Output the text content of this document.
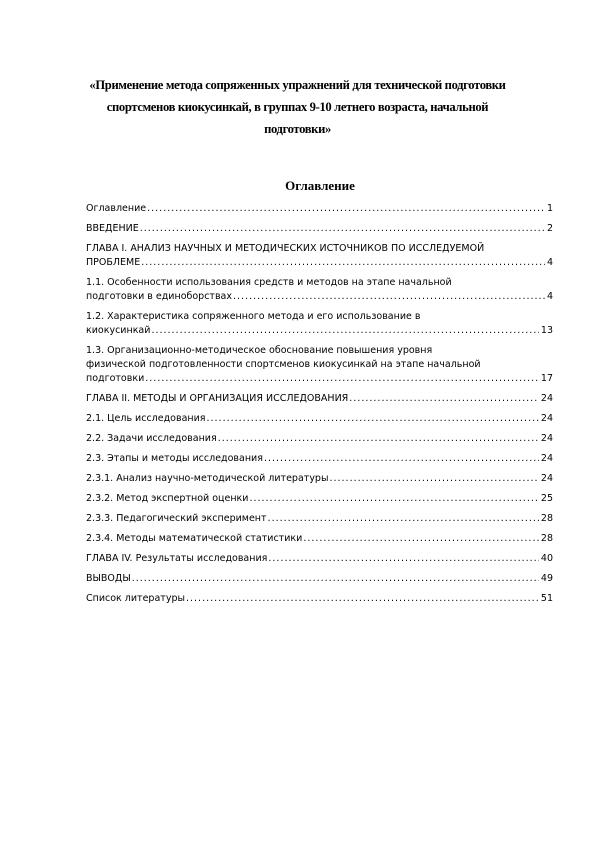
«Применение метода сопряженных упражнений для технической подготовки
спортсменов киокусинкай, в группах 9-10 летнего возраста, начальной
подготовки»
Оглавление
Оглавление .....	1
ВВЕДЕНИЕ .....	2
ГЛАВА I. АНАЛИЗ НАУЧНЫХ И МЕТОДИЧЕСКИХ ИСТОЧНИКОВ ПО ИССЛЕДУЕМОЙ
ПРОБЛЕМЕ .....	4
1.1. Особенности использования средств и методов на этапе начальной
подготовки в единоборствах .....	4
1.2. Характеристика сопряженного метода и его использование в
киокусинкай .....	13
1.3. Организационно-методическое обоснование повышения уровня
физической подготовленности спортсменов киокусинкай на этапе начальной
подготовки .....	17
ГЛАВА II. МЕТОДЫ И ОРГАНИЗАЦИЯ ИССЛЕДОВАНИЯ .....	24
2.1. Цель исследования .....	24
2.2. Задачи исследования .....	24
2.3. Этапы и методы исследования .....	24
2.3.1. Анализ научно-методической литературы .....	24
2.3.2. Метод экспертной оценки .....	25
2.3.3. Педагогический эксперимент .....	28
2.3.4. Методы математической статистики .....	28
ГЛАВА IV. Результаты исследования .....	40
ВЫВОДЫ .....	49
Список литературы .....	51
